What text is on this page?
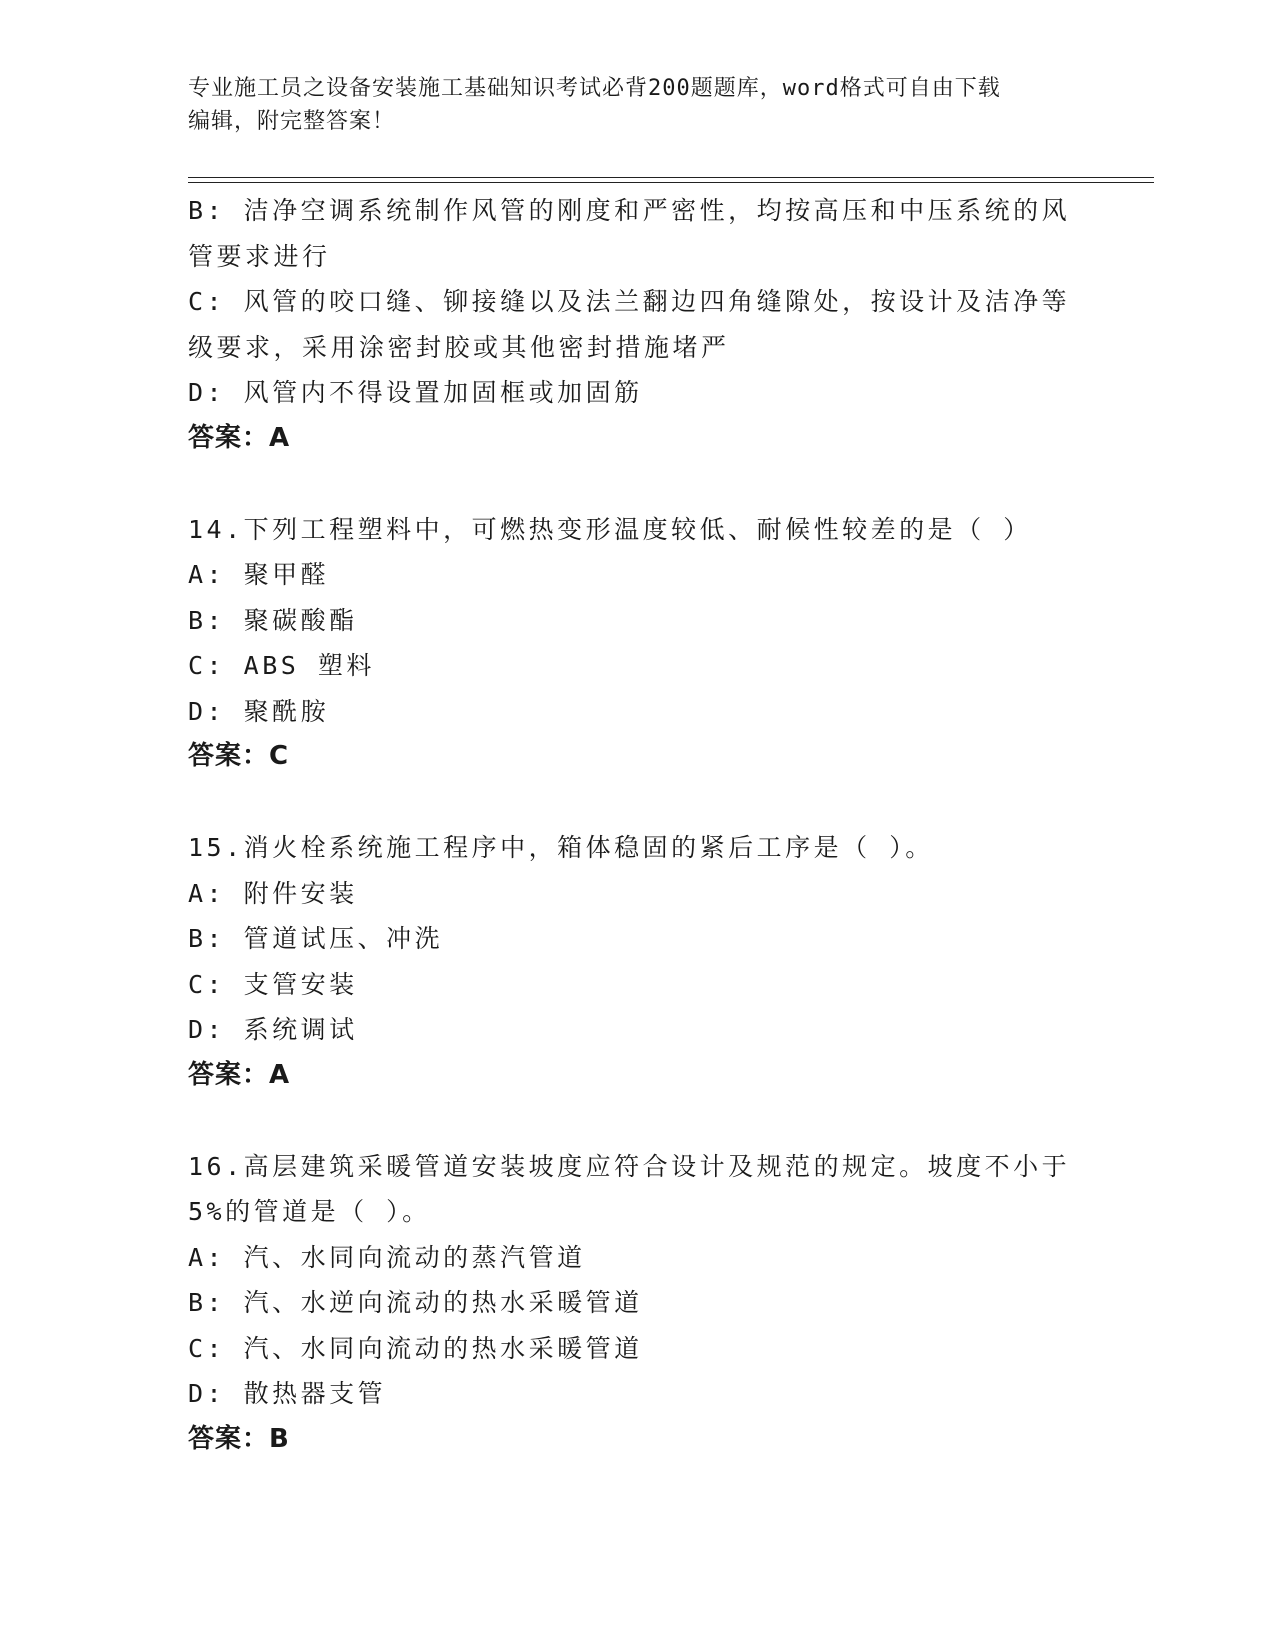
专业施工员之设备安装施工基础知识考试必背200题题库，word格式可自由下载
编辑，附完整答案！
B: 洁净空调系统制作风管的刚度和严密性，均按高压和中压系统的风
管要求进行
C: 风管的咬口缝、铆接缝以及法兰翻边四角缝隙处，按设计及洁净等
级要求，采用涂密封胶或其他密封措施堵严
D: 风管内不得设置加固框或加固筋
答案：A
14.下列工程塑料中，可燃热变形温度较低、耐候性较差的是（ ）
A: 聚甲醛
B: 聚碳酸酯
C: ABS 塑料
D: 聚酰胺
答案：C
15.消火栓系统施工程序中，箱体稳固的紧后工序是（ ）。
A: 附件安装
B: 管道试压、冲洗
C: 支管安装
D: 系统调试
答案：A
16.高层建筑采暖管道安装坡度应符合设计及规范的规定。坡度不小于
5%的管道是（ ）。
A: 汽、水同向流动的蒸汽管道
B: 汽、水逆向流动的热水采暖管道
C: 汽、水同向流动的热水采暖管道
D: 散热器支管
答案：B
